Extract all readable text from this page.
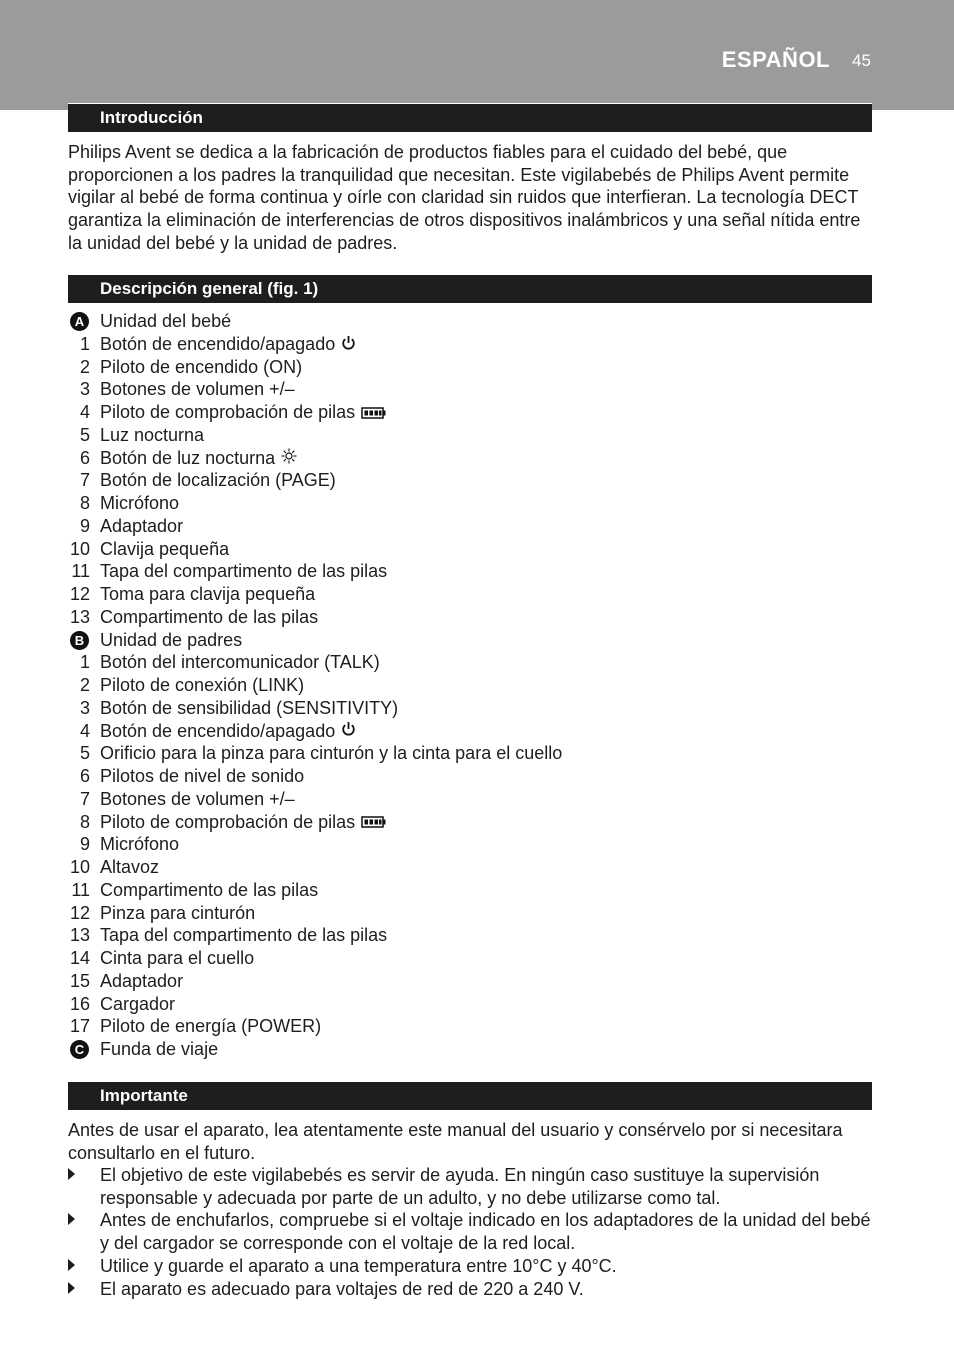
ESPAÑOL 45
Introducción
Philips Avent se dedica a la fabricación de productos fiables para el cuidado del bebé, que proporcionen a los padres la tranquilidad que necesitan. Este vigilabebés de Philips Avent permite vigilar al bebé de forma continua y oírle con claridad sin ruidos que interfieran. La tecnología DECT garantiza la eliminación de interferencias de otros dispositivos inalámbricos y una señal nítida entre la unidad del bebé y la unidad de padres.
Descripción general (fig. 1)
A Unidad del bebé
1 Botón de encendido/apagado
2 Piloto de encendido (ON)
3 Botones de volumen +/–
4 Piloto de comprobación de pilas
5 Luz nocturna
6 Botón de luz nocturna
7 Botón de localización (PAGE)
8 Micrófono
9 Adaptador
10 Clavija pequeña
11 Tapa del compartimento de las pilas
12 Toma para clavija pequeña
13 Compartimento de las pilas
B Unidad de padres
1 Botón del intercomunicador (TALK)
2 Piloto de conexión (LINK)
3 Botón de sensibilidad (SENSITIVITY)
4 Botón de encendido/apagado
5 Orificio para la pinza para cinturón y la cinta para el cuello
6 Pilotos de nivel de sonido
7 Botones de volumen +/–
8 Piloto de comprobación de pilas
9 Micrófono
10 Altavoz
11 Compartimento de las pilas
12 Pinza para cinturón
13 Tapa del compartimento de las pilas
14 Cinta para el cuello
15 Adaptador
16 Cargador
17 Piloto de energía (POWER)
C Funda de viaje
Importante
Antes de usar el aparato, lea atentamente este manual del usuario y consérvelo por si necesitara consultarlo en el futuro.
El objetivo de este vigilabebés es servir de ayuda. En ningún caso sustituye la supervisión responsable y adecuada por parte de un adulto, y no debe utilizarse como tal.
Antes de enchufarlos, compruebe si el voltaje indicado en los adaptadores de la unidad del bebé y del cargador se corresponde con el voltaje de la red local.
Utilice y guarde el aparato a una temperatura entre 10°C y 40°C.
El aparato es adecuado para voltajes de red de 220 a 240 V.
